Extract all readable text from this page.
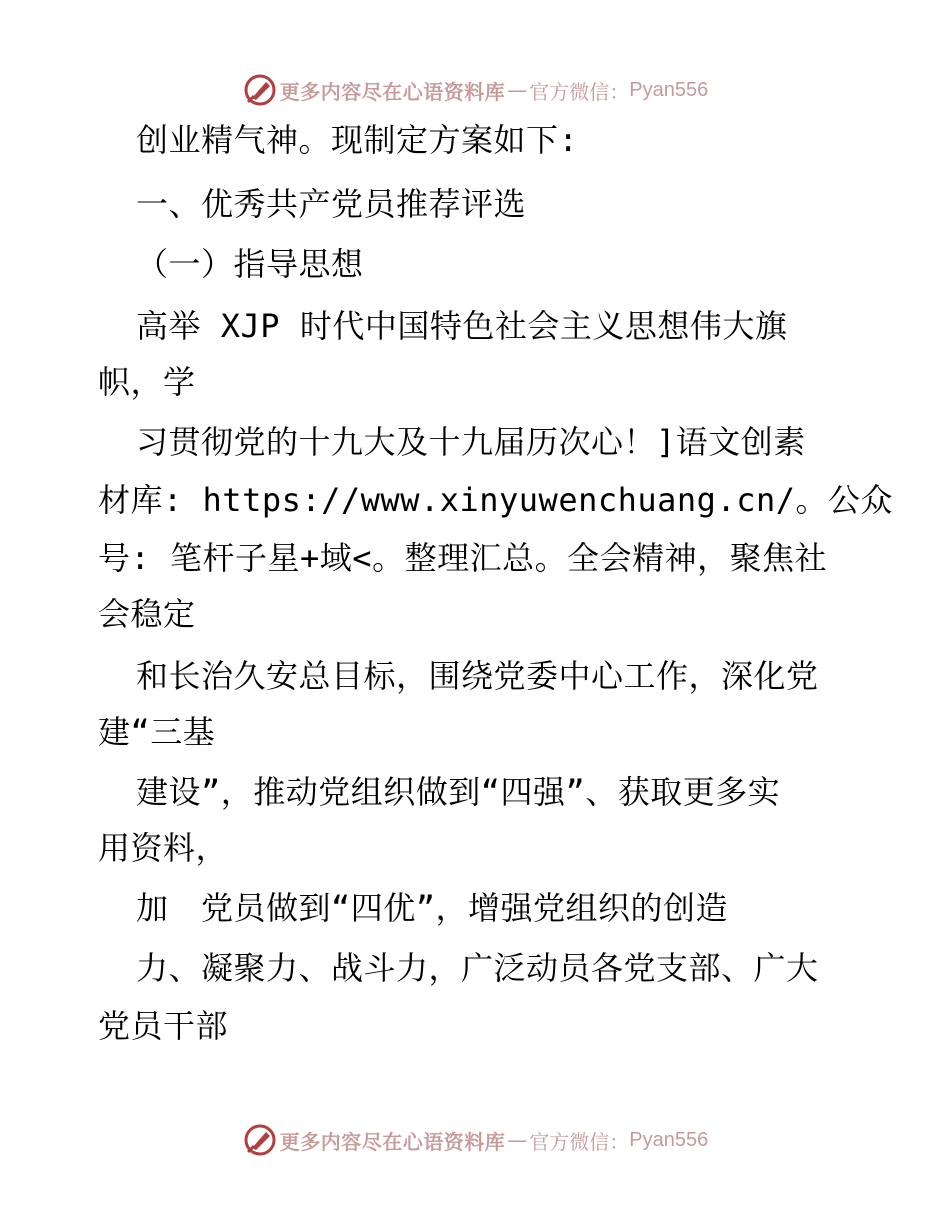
更多内容尽在心语资料库 — 官方微信： Pyan556
创业精气神。现制定方案如下:
一、优秀共产党员推荐评选
（一）指导思想
高举 XJP 时代中国特色社会主义思想伟大旗
帜，学
习贯彻党的十九大及十九届历次心！]语文创素
材库: https://www.xinyuwenchuang.cn/。公众
号: 笔杆子星+域<。整理汇总。全会精神，聚焦社
会稳定
和长治久安总目标，围绕党委中心工作，深化党
建“三基
建设”，推动党组织做到“四强”、获取更多实
用资料，
加　党员做到“四优”，增强党组织的创造
力、凝聚力、战斗力，广泛动员各党支部、广大
党员干部
更多内容尽在心语资料库 — 官方微信： Pyan556
